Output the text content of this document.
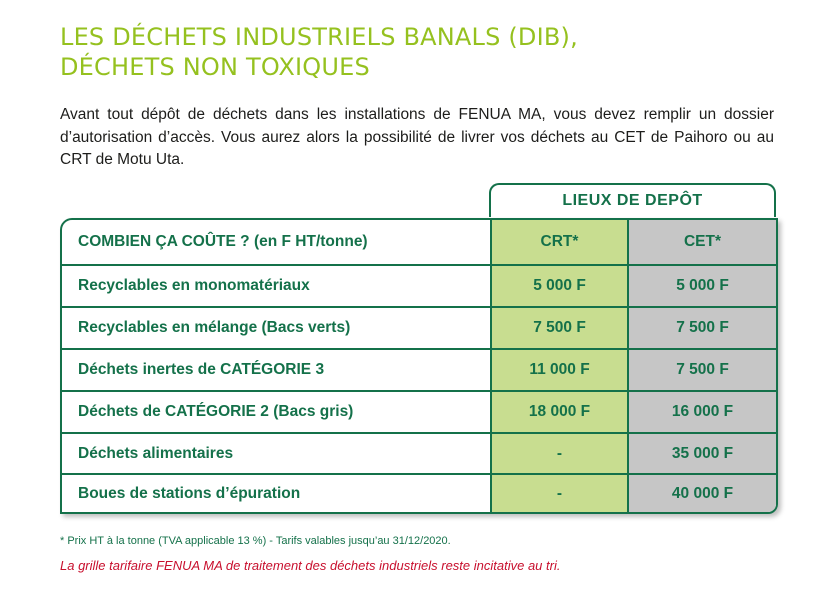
LES DÉCHETS INDUSTRIELS BANALS (DIB),
DÉCHETS NON TOXIQUES

Avant tout dépôt de déchets dans les installations de FENUA MA, vous devez remplir un dossier d’autorisation d’accès. Vous aurez alors la possibilité de livrer vos déchets au CET de Paihoro ou au CRT de Motu Uta.

LIEUX DE DEPÔT
COMBIEN ÇA COÛTE ? (en F HT/tonne)	CRT*	CET*
Recyclables en monomatériaux	5 000 F	5 000 F
Recyclables en mélange (Bacs verts)	7 500 F	7 500 F
Déchets inertes de CATÉGORIE 3	11 000 F	7 500 F
Déchets de CATÉGORIE 2 (Bacs gris)	18 000 F	16 000 F
Déchets alimentaires	-	35 000 F
Boues de stations d’épuration	-	40 000 F

* Prix HT à la tonne (TVA applicable 13 %) - Tarifs valables jusqu’au 31/12/2020.

La grille tarifaire FENUA MA de traitement des déchets industriels reste incitative au tri.
